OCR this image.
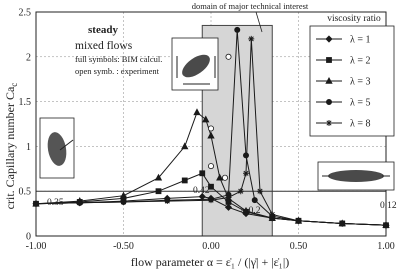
-1.00	-0.50	0.00	0.50	1.00
0
0.5
1
1.5
2
2.5
crit. Capillary number $Ca_c$
flow parameter α = ε̇₁ / (|γ̇| + |ε̇₁|)
steady
mixed flows
full symbols: BIM calcul.
open symb. : experiment
domain of major technical interest
0.35
0.42
≈ 0.2	0.12
viscosity ratio
λ = 1
λ = 2
λ = 3
λ = 5
λ = 8
